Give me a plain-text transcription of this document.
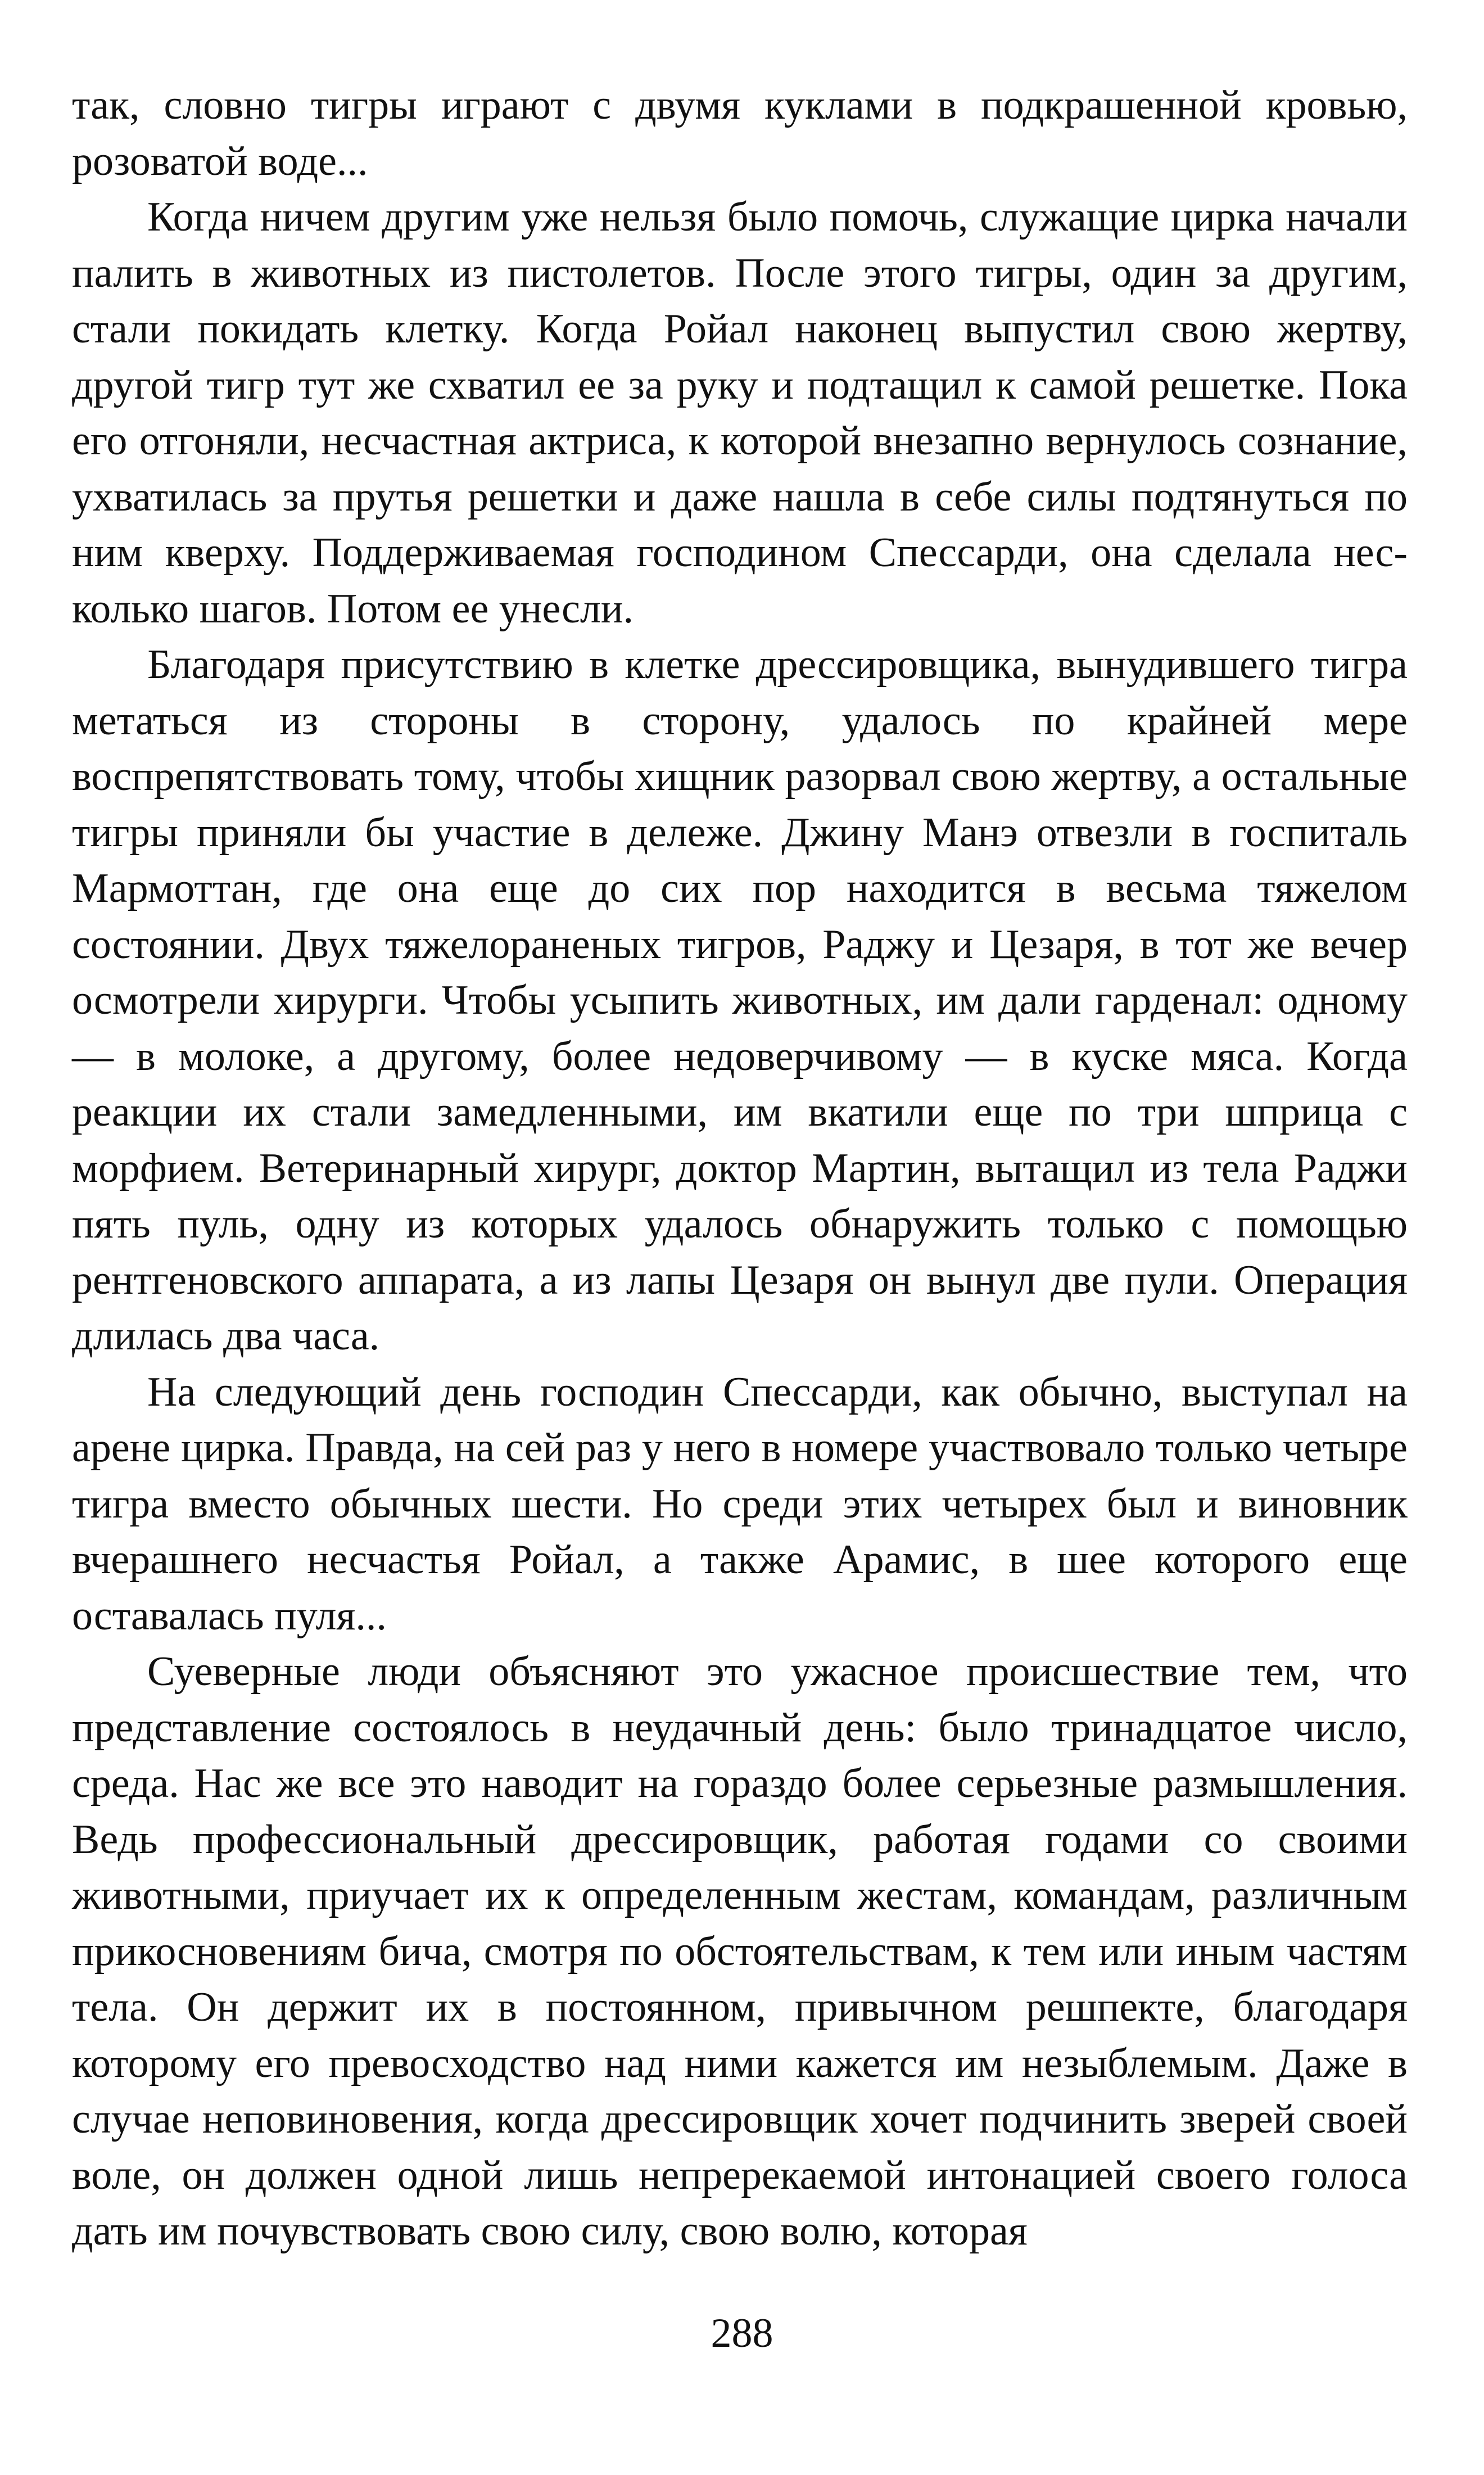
так, словно тигры играют с двумя куклами в подкрашенной кровью, розоватой воде...

Когда ничем другим уже нельзя было помочь, служащие цирка начали палить в животных из пистолетов. После этого тигры, один за другим, стали покидать клетку. Когда Ройал наконец выпустил свою жертву, другой тигр тут же схватил ее за руку и подтащил к самой решетке. Пока его отгоняли, несчастная актриса, к которой внезапно вернулось сознание, ухватилась за прутья решетки и даже нашла в себе силы подтянуться по ним кверху. Поддерживаемая господином Спессарди, она сделала несколько шагов. Потом ее унесли.

Благодаря присутствию в клетке дрессировщика, вынудившего тигра метаться из стороны в сторону, удалось по крайней мере воспрепятствовать тому, чтобы хищник разорвал свою жертву, а остальные тигры приняли бы участие в дележе. Джину Манэ отвезли в госпиталь Мармоттан, где она еще до сих пор находится в весьма тяжелом состоянии. Двух тяжелораненых тигров, Раджу и Цезаря, в тот же вечер осмотрели хирурги. Чтобы усыпить животных, им дали гарденал: одному — в молоке, а другому, более недоверчивому — в куске мяса. Когда реакции их стали замедленными, им вкатили еще по три шприца с морфием. Ветеринарный хирург, доктор Мартин, вытащил из тела Раджи пять пуль, одну из которых удалось обнаружить только с помощью рентгеновского аппарата, а из лапы Цезаря он вынул две пули. Операция длилась два часа.

На следующий день господин Спессарди, как обычно, выступал на арене цирка. Правда, на сей раз у него в номере участвовало только четыре тигра вместо обычных шести. Но среди этих четырех был и виновник вчерашнего несчастья Ройал, а также Арамис, в шее которого еще оставалась пуля...

Суеверные люди объясняют это ужасное происшествие тем, что представление состоялось в неудачный день: было тринадцатое число, среда. Нас же все это наводит на гораздо более серьезные размышления. Ведь профессиональный дрессировщик, работая годами со своими животными, приучает их к определенным жестам, командам, различным прикосновениям бича, смотря по обстоятельствам, к тем или иным частям тела. Он держит их в постоянном, привычном решпекте, благодаря которому его превосходство над ними кажется им незыблемым. Даже в случае неповиновения, когда дрессировщик хочет подчинить зверей своей воле, он должен одной лишь непререкаемой интонацией своего голоса дать им почувствовать свою силу, свою волю, которая

288
